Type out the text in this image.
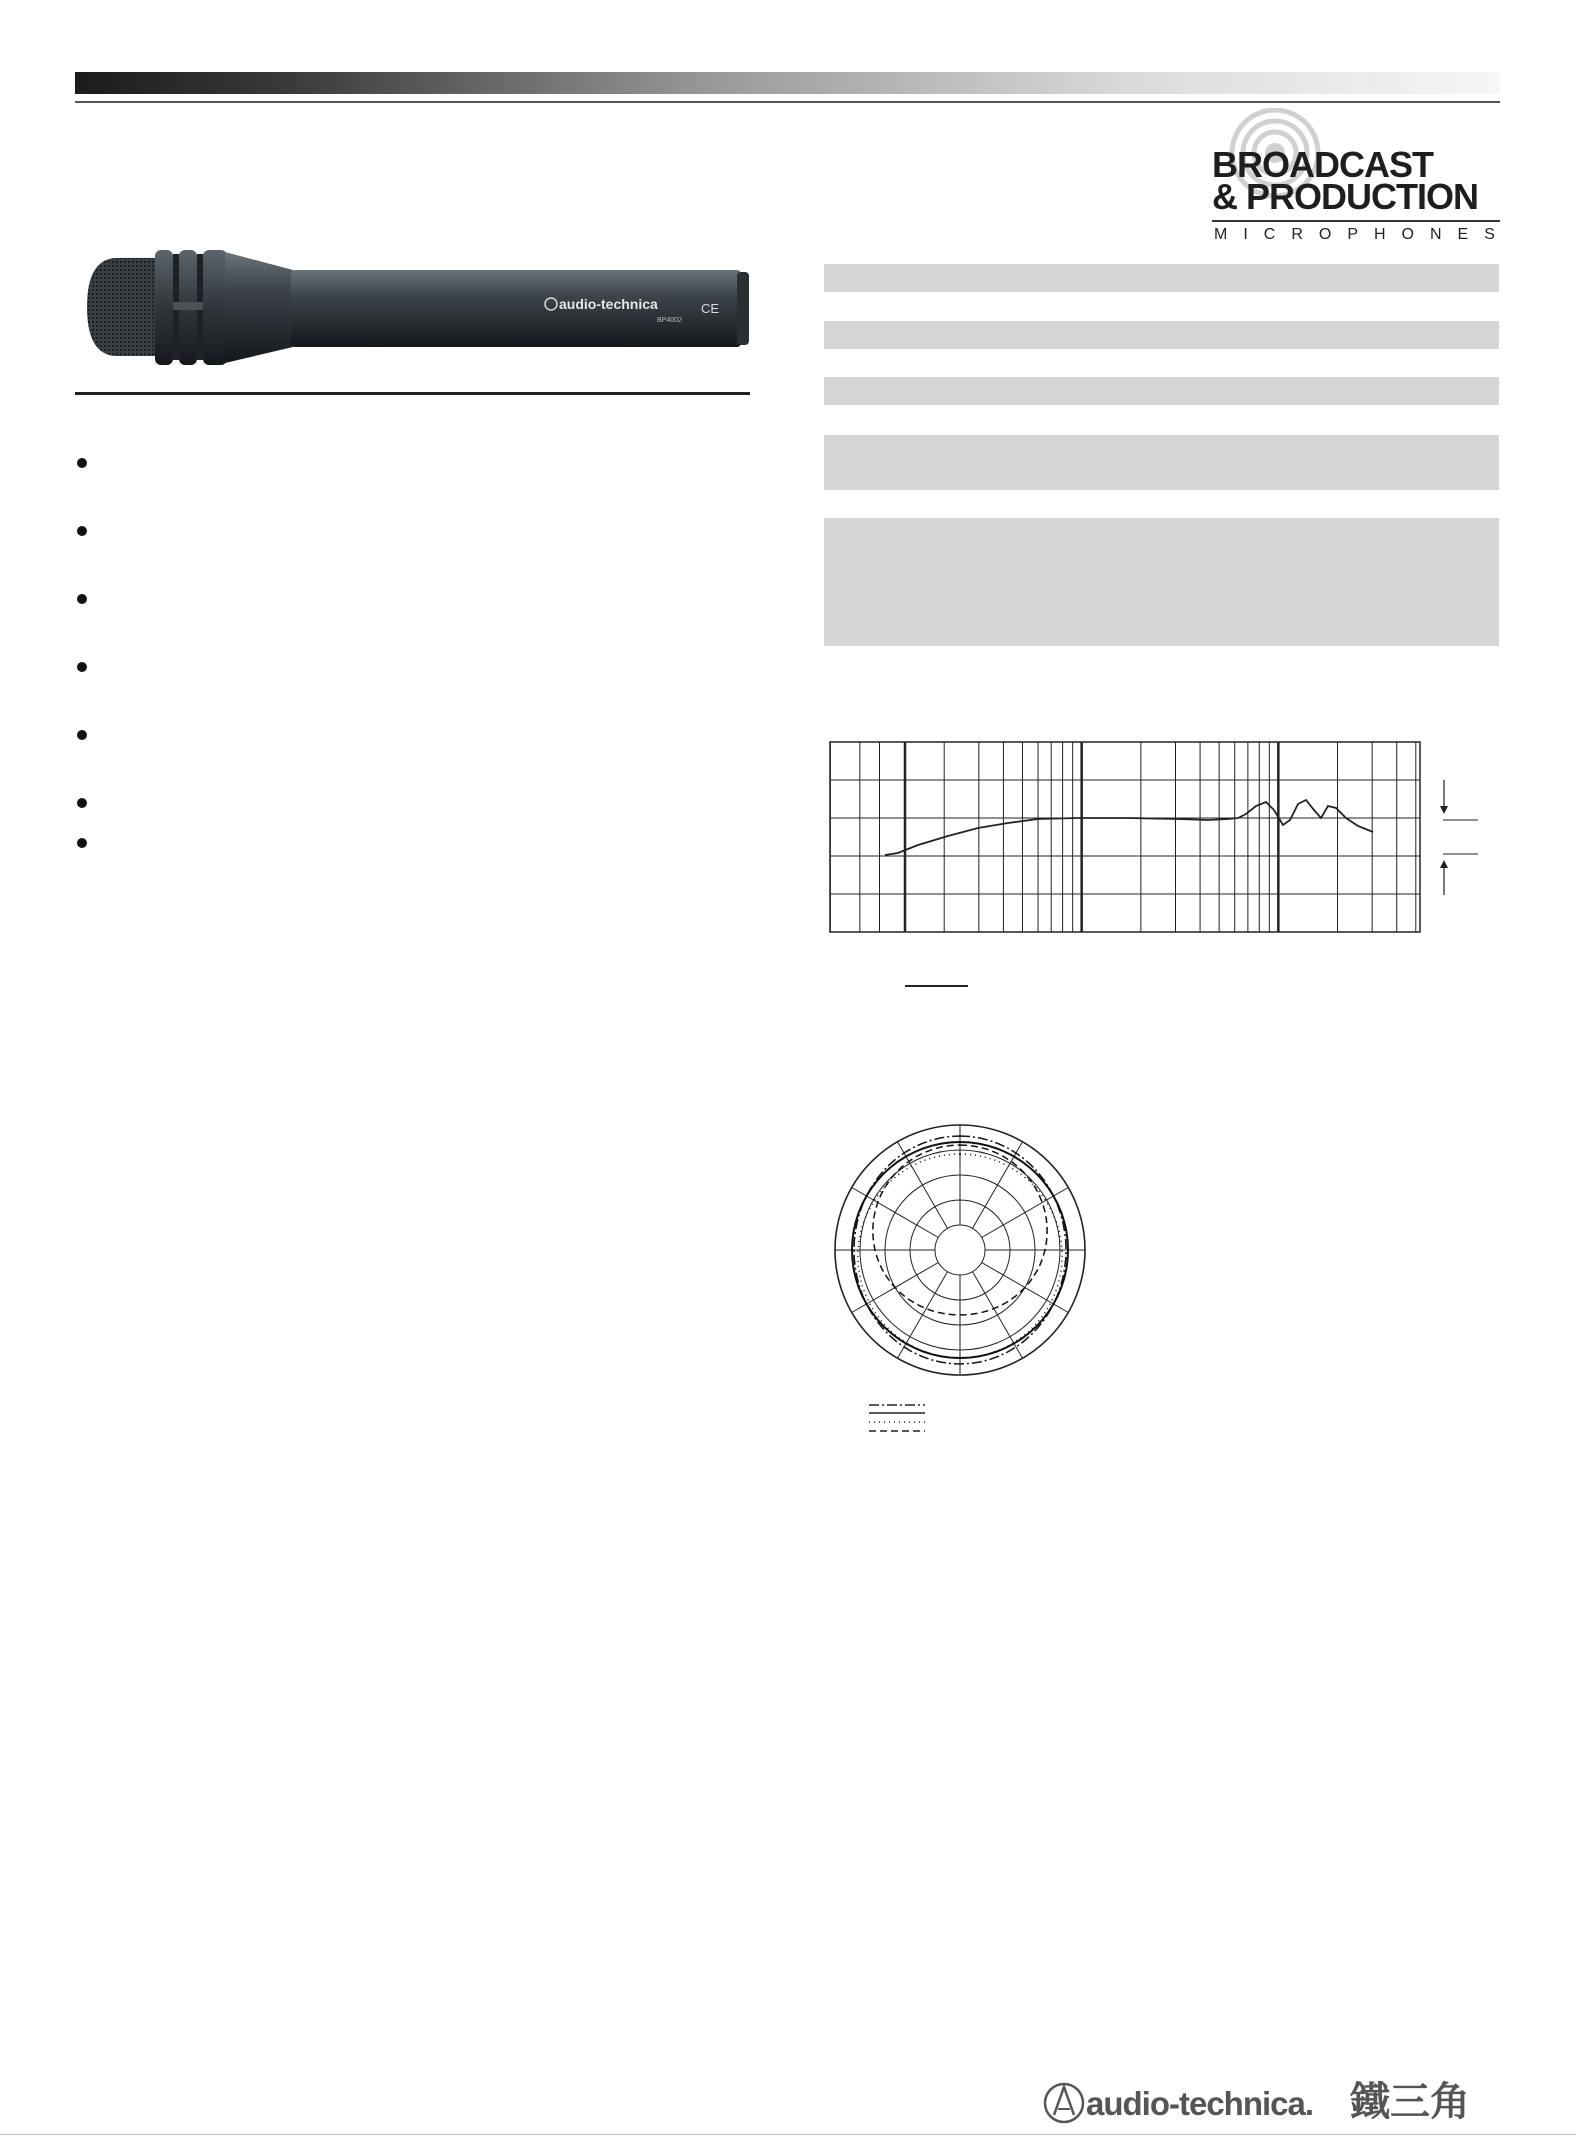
BROADCAST
& PRODUCTION
MICROPHONES
audio-technica
BP4002
CE
audio-technica. 鐵三角
